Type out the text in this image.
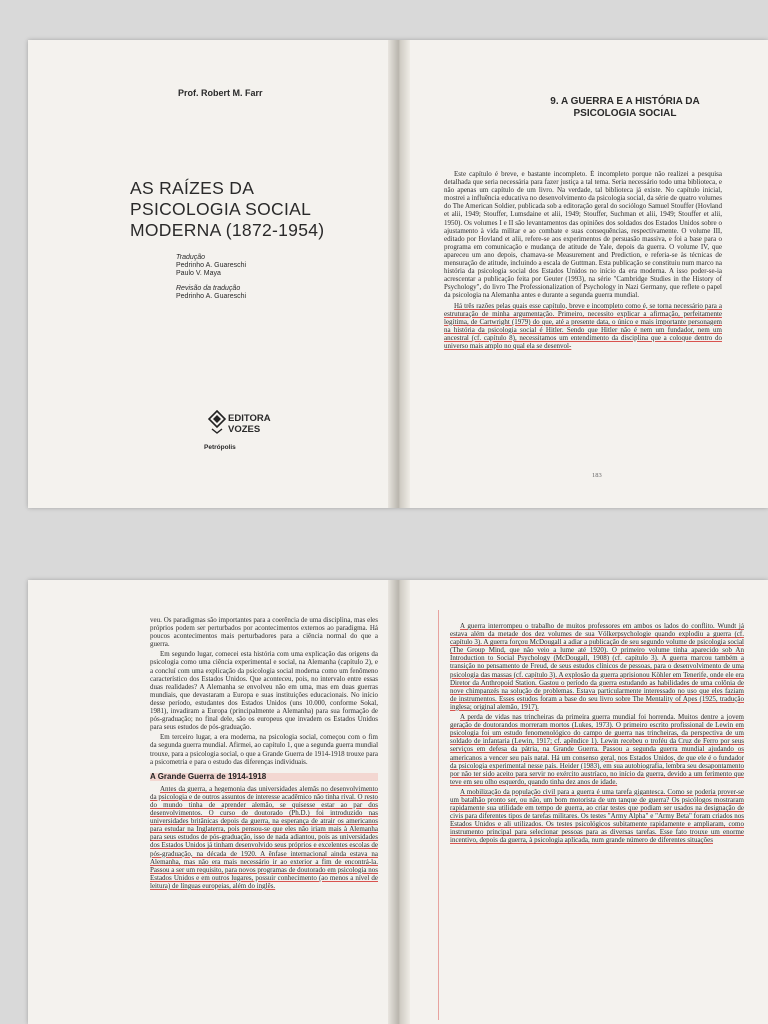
Prof. Robert M. Farr
AS RAÍZES DA
PSICOLOGIA SOCIAL
MODERNA (1872-1954)
Tradução
Pedrinho A. Guareschi
Paulo V. Maya
Revisão da tradução
Pedrinho A. Guareschi
EDITORA
VOZES
Petrópolis
9. A GUERRA E A HISTÓRIA DA
PSICOLOGIA SOCIAL

Este capítulo é breve, e bastante incompleto. É incompleto porque não realizei a pesquisa detalhada que seria necessária para fazer justiça a tal tema. Seria necessário todo uma biblioteca, e não apenas um capítulo de um livro. Na verdade, tal biblioteca já existe. No capítulo inicial, mostrei a influência educativa no desenvolvimento da psicologia social, da série de quatro volumes do The American Soldier, publicada sob a editoração geral do sociólogo Samuel Stouffer (Hovland et alii, 1949; Stouffer, Lumsdaine et alii, 1949; Stouffer, Suchman et alii, 1949; Stouffer et alii, 1950). Os volumes I e II são levantamentos das opiniões dos soldados dos Estados Unidos sobre o ajustamento à vida militar e ao combate e suas consequências, respectivamente. O volume III, editado por Hovland et alii, refere-se aos experimentos de persuasão massiva, e foi a base para o programa em comunicação e mudança de atitude de Yale, depois da guerra. O volume IV, que apareceu um ano depois, chamava-se Measurement and Prediction, e referia-se às técnicas de mensuração de atitude, incluindo a escala de Guttman. Esta publicação se constituiu num marco na história da psicologia social dos Estados Unidos no início da era moderna. A isso poder-se-ia acrescentar a publicação feita por Geuter (1993), na série "Cambridge Studies in the History of Psychology", do livro The Professionalization of Psychology in Nazi Germany, que reflete o papel da psicologia na Alemanha antes e durante a segunda guerra mundial.

Há três razões pelas quais esse capítulo, breve e incompleto como é, se torna necessário para a estruturação de minha argumentação. Primeiro, necessito explicar a afirmação, perfeitamente legítima, de Cartwright (1979) do que, até a presente data, o único e mais importante personagem na história da psicologia social é Hitler. Sendo que Hitler não é nem um fundador, nem um ancestral (cf. capítulo 8), necessitamos um entendimento da disciplina que a coloque dentro do universo mais amplo no qual ela se desenvol-

183

veu. Os paradigmas são importantes para a coerência de uma disciplina, mas eles próprios podem ser perturbados por acontecimentos externos ao paradigma. Há poucos acontecimentos mais perturbadores para a ciência normal do que a guerra.

Em segundo lugar, comecei esta história com uma explicação das origens da psicologia como uma ciência experimental e social, na Alemanha (capítulo 2), e a concluí com uma explicação da psicologia social moderna como um fenômeno característico dos Estados Unidos. Que aconteceu, pois, no intervalo entre essas duas realidades? A Alemanha se envolveu não em uma, mas em duas guerras mundiais, que devastaram a Europa e suas instituições educacionais. No início desse período, estudantes dos Estados Unidos (uns 10.000, conforme Sokal, 1981), invadiram a Europa (principalmente a Alemanha) para sua formação de pós-graduação; no final dele, são os europeus que invadem os Estados Unidos para seus estudos de pós-graduação.

Em terceiro lugar, a era moderna, na psicologia social, começou com o fim da segunda guerra mundial. Afirmei, ao capítulo 1, que a segunda guerra mundial trouxe, para a psicologia social, o que a Grande Guerra de 1914-1918 trouxe para a psicometria e para o estudo das diferenças individuais.

A Grande Guerra de 1914-1918

Antes da guerra, a hegemonia das universidades alemãs no desenvolvimento da psicologia e de outros assuntos de interesse acadêmico não tinha rival. O resto do mundo tinha de aprender alemão, se quisesse estar ao par dos desenvolvimentos. O curso de doutorado (Ph.D.) foi introduzido nas universidades britânicas depois da guerra, na esperança de atrair os americanos para estudar na Inglaterra, pois pensou-se que eles não iriam mais à Alemanha para seus estudos de pós-graduação, isso de nada adiantou, pois as universidades dos Estados Unidos já tinham desenvolvido seus próprios e excelentes escolas de pós-graduação, na década de 1920. A ênfase internacional ainda estava na Alemanha, mas não era mais necessário ir ao exterior a fim de encontrá-la. Passou a ser um requisito, para novos programas de doutorado em psicologia nos Estados Unidos e em outros lugares, possuir conhecimento (ao menos a nível de leitura) de línguas europeias, além do inglês.

A guerra interrompeu o trabalho de muitos professores em ambos os lados do conflito. Wundt já estava além da metade dos dez volumes de sua Völkerpsychologie quando explodiu a guerra (cf. capítulo 3). A guerra forçou McDougall a adiar a publicação de seu segundo volume de psicologia social (The Group Mind, que não veio a lume até 1920). O primeiro volume tinha aparecido sob An Introduction to Social Psychology (McDougall, 1908) (cf. capítulo 3). A guerra marcou também a transição no pensamento de Freud, de seus estudos clínicos de pessoas, para o desenvolvimento de uma psicologia das massas (cf. capítulo 3). A explosão da guerra aprisionou Köhler em Tenerife, onde ele era Diretor da Anthropoid Station. Gastou o período da guerra estudando as habilidades de uma colônia de nove chimpanzés na solução de problemas. Estava particularmente interessado no uso que eles faziam de instrumentos. Esses estudos foram a base do seu livro sobre The Mentality of Apes (1925, tradução inglesa; original alemão, 1917).

A perda de vidas nas trincheiras da primeira guerra mundial foi horrenda. Muitos dentre a jovem geração de doutorandos morreram mortos (Lukes, 1973). O primeiro escrito profissional de Lewin em psicologia foi um estudo fenomenológico do campo de guerra nas trincheiras, da perspectiva de um soldado de infantaria (Lewin, 1917; cf. apêndice 1). Lewin recebeu o troféu da Cruz de Ferro por seus serviços em defesa da pátria, na Grande Guerra. Passou a segunda guerra mundial ajudando os americanos a vencer seu país natal. Há um consenso geral, nos Estados Unidos, de que ele é o fundador da psicologia experimental nesse país. Heider (1983), em sua autobiografia, lembra seu desapontamento por não ter sido aceito para servir no exército austríaco, no início da guerra, devido a um ferimento que teve em seu olho esquerdo, quando tinha dez anos de idade.

A mobilização da população civil para a guerra é uma tarefa gigantesca. Como se poderia prover-se um batalhão pronto ser, ou não, um bom motorista de um tanque de guerra? Os psicólogos mostraram rapidamente sua utilidade em tempo de guerra, ao criar testes que podiam ser usados na designação de civis para diferentes tipos de tarefas militares. Os testes "Army Alpha" e "Army Beta" foram criados nos Estados Unidos e ali utilizados. Os testes psicológicos subitamente rapidamente e ampliaram, como instrumento principal para selecionar pessoas para as diversas tarefas. Esse fato trouxe um enorme incentivo, depois da guerra, à psicologia aplicada, num grande número de diferentes situações
